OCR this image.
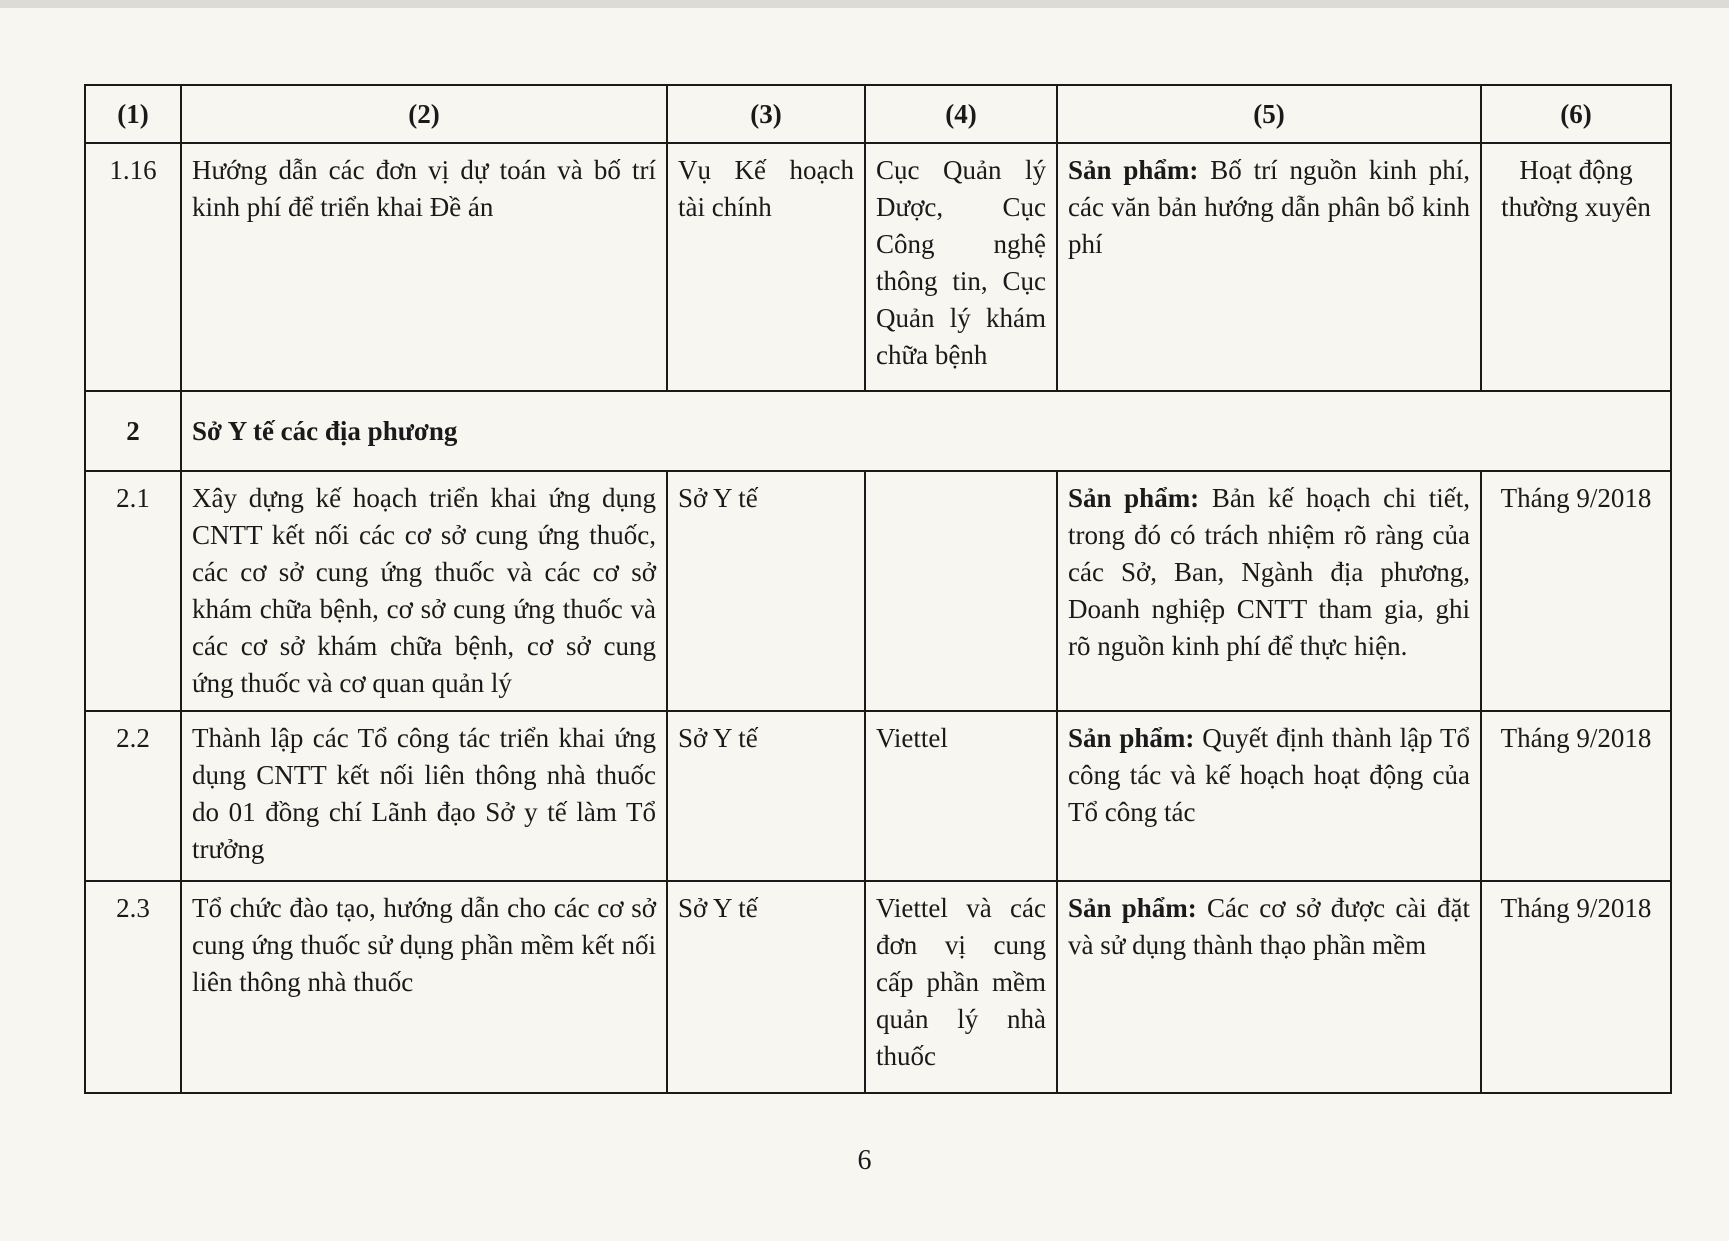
(1)	(2)	(3)	(4)	(5)	(6)
1.16	Hướng dẫn các đơn vị dự toán và bố trí kinh phí để triển khai Đề án	Vụ Kế hoạch tài chính	Cục Quản lý Dược, Cục Công nghệ thông tin, Cục Quản lý khám chữa bệnh	Sản phẩm: Bố trí nguồn kinh phí, các văn bản hướng dẫn phân bổ kinh phí	Hoạt động thường xuyên
2	Sở Y tế các địa phương				
2.1	Xây dựng kế hoạch triển khai ứng dụng CNTT kết nối các cơ sở cung ứng thuốc, các cơ sở cung ứng thuốc và các cơ sở khám chữa bệnh, cơ sở cung ứng thuốc và các cơ sở khám chữa bệnh, cơ sở cung ứng thuốc và cơ quan quản lý	Sở Y tế		Sản phẩm: Bản kế hoạch chi tiết, trong đó có trách nhiệm rõ ràng của các Sở, Ban, Ngành địa phương, Doanh nghiệp CNTT tham gia, ghi rõ nguồn kinh phí để thực hiện.	Tháng 9/2018
2.2	Thành lập các Tổ công tác triển khai ứng dụng CNTT kết nối liên thông nhà thuốc do 01 đồng chí Lãnh đạo Sở y tế làm Tổ trưởng	Sở Y tế	Viettel	Sản phẩm: Quyết định thành lập Tổ công tác và kế hoạch hoạt động của Tổ công tác	Tháng 9/2018
2.3	Tổ chức đào tạo, hướng dẫn cho các cơ sở cung ứng thuốc sử dụng phần mềm kết nối liên thông nhà thuốc	Sở Y tế	Viettel và các đơn vị cung cấp phần mềm quản lý nhà thuốc	Sản phẩm: Các cơ sở được cài đặt và sử dụng thành thạo phần mềm	Tháng 9/2018
6
